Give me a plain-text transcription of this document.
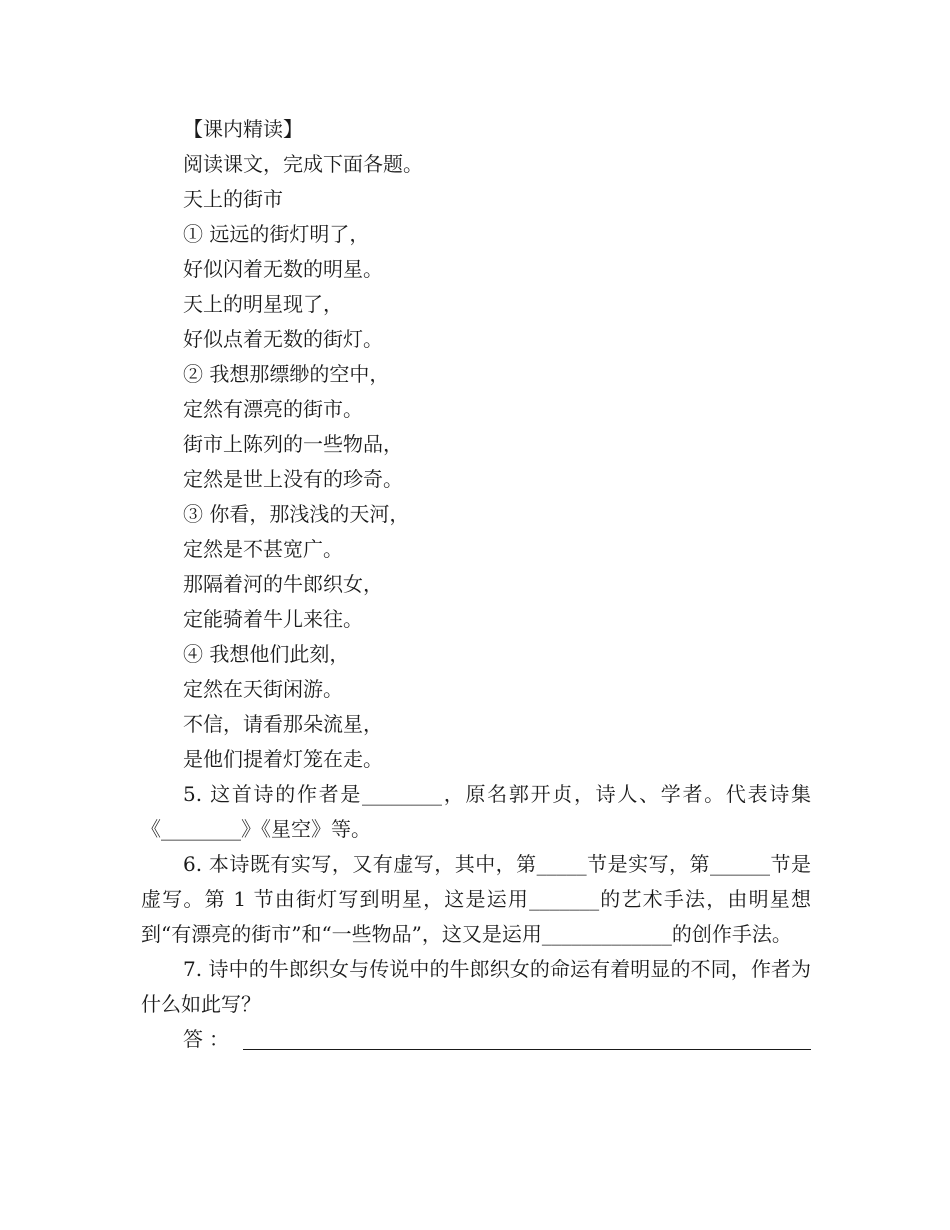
【课内精读】
阅读课文，完成下面各题。
天上的街市
① 远远的街灯明了，
好似闪着无数的明星。
天上的明星现了，
好似点着无数的街灯。
② 我想那缥缈的空中，
定然有漂亮的街市。
街市上陈列的一些物品，
定然是世上没有的珍奇。
③ 你看，那浅浅的天河，
定然是不甚宽广。
那隔着河的牛郎织女，
定能骑着牛儿来往。
④ 我想他们此刻，
定然在天街闲游。
不信，请看那朵流星，
是他们提着灯笼在走。

5. 这首诗的作者是________，原名郭开贞，诗人、学者。代表诗集《________》《星空》等。

6. 本诗既有实写，又有虚写，其中，第_____节是实写，第______节是虚写。第 1 节由街灯写到明星，这是运用_______的艺术手法，由明星想到“有漂亮的街市”和“一些物品”，这又是运用_____________的创作手法。

7. 诗中的牛郎织女与传说中的牛郎织女的命运有着明显的不同，作者为什么如此写？

答：
